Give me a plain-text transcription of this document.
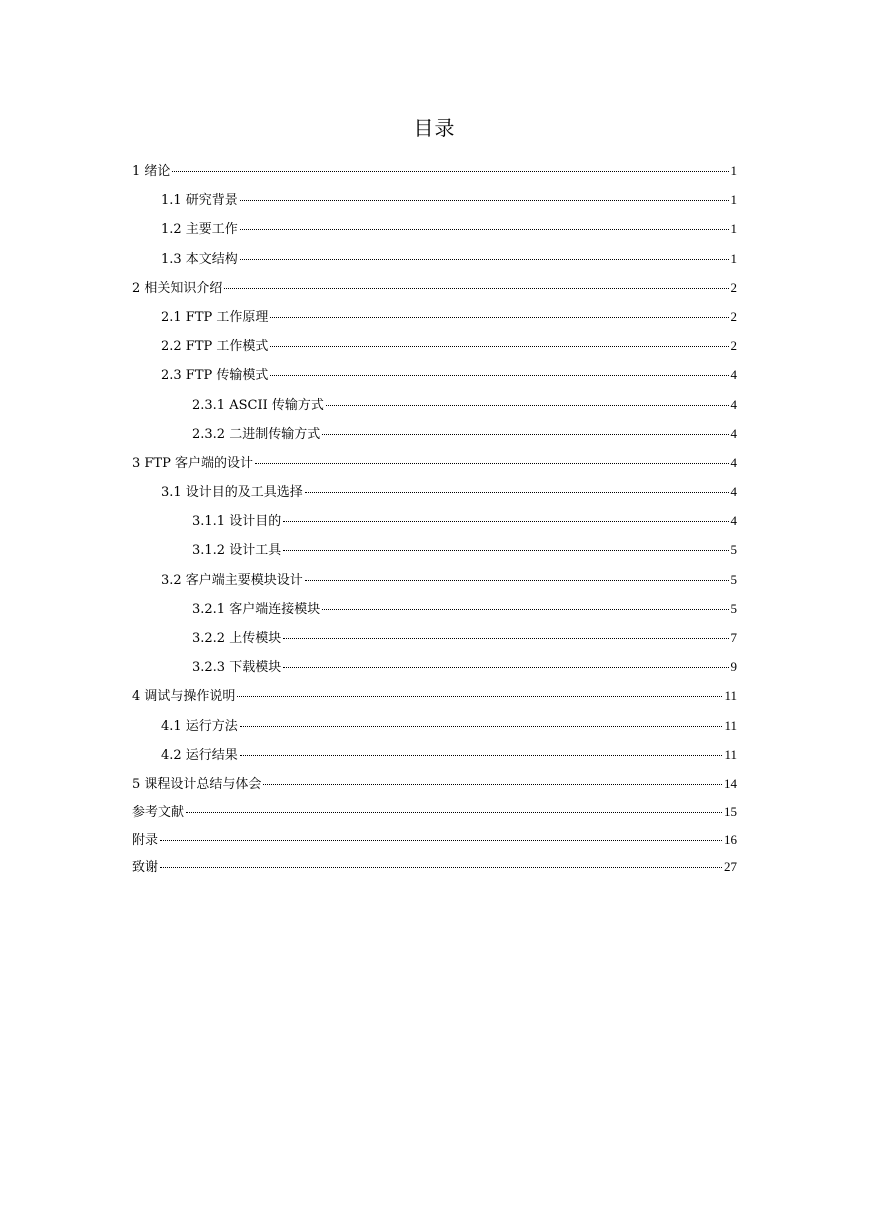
目录
1 绪论	1
1.1 研究背景	1
1.2 主要工作	1
1.3 本文结构	1
2 相关知识介绍	2
2.1 FTP 工作原理	2
2.2 FTP 工作模式	2
2.3 FTP 传输模式	4
2.3.1 ASCII 传输方式	4
2.3.2 二进制传输方式	4
3 FTP 客户端的设计	4
3.1 设计目的及工具选择	4
3.1.1 设计目的	4
3.1.2 设计工具	5
3.2 客户端主要模块设计	5
3.2.1 客户端连接模块	5
3.2.2 上传模块	7
3.2.3 下载模块	9
4 调试与操作说明	11
4.1 运行方法	11
4.2 运行结果	11
5 课程设计总结与体会	14
参考文献	15
附录	16
致谢	27
